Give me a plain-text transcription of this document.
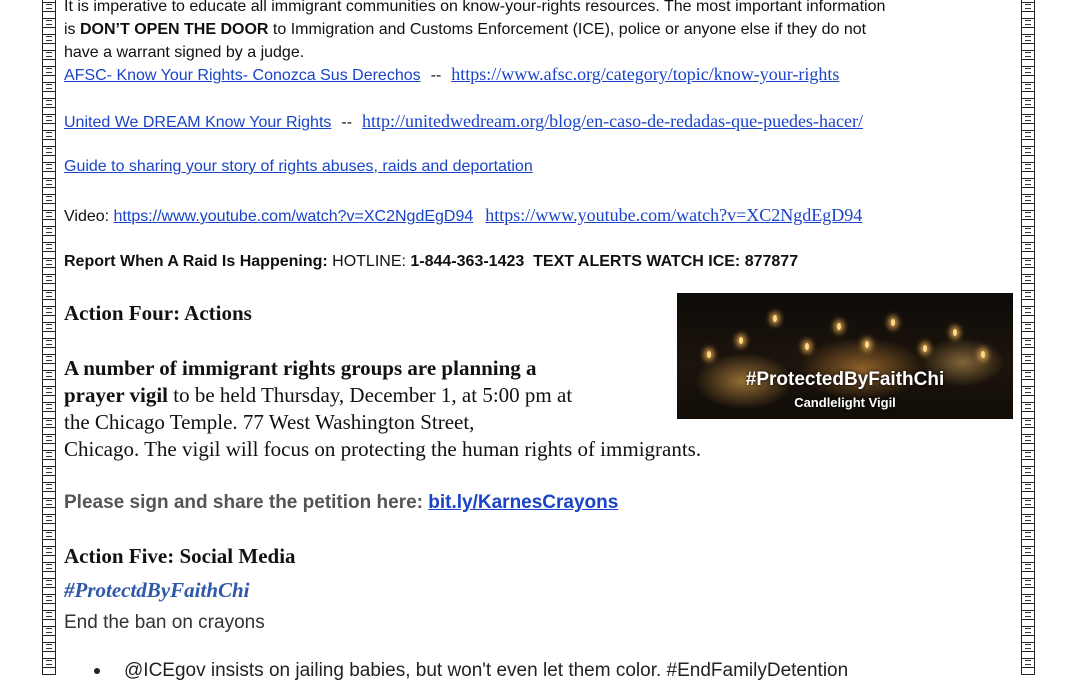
It is imperative to educate all immigrant communities on know-your-rights resources. The most important information
is DON’T OPEN THE DOOR to Immigration and Customs Enforcement (ICE), police or anyone else if they do not
have a warrant signed by a judge.
AFSC- Know Your Rights- Conozca Sus Derechos -- https://www.afsc.org/category/topic/know-your-rights
United We DREAM Know Your Rights -- http://unitedwedream.org/blog/en-caso-de-redadas-que-puedes-hacer/
Guide to sharing your story of rights abuses, raids and deportation
Video: https://www.youtube.com/watch?v=XC2NgdEgD94 https://www.youtube.com/watch?v=XC2NgdEgD94
Report When A Raid Is Happening: HOTLINE: 1-844-363-1423  TEXT ALERTS WATCH ICE: 877877
Action Four: Actions
A number of immigrant rights groups are planning a
prayer vigil to be held Thursday, December 1, at 5:00 pm at
the Chicago Temple. 77 West Washington Street,
Chicago. The vigil will focus on protecting the human rights of immigrants.
#ProtectedByFaithChi
Candlelight Vigil
Please sign and share the petition here: bit.ly/KarnesCrayons
Action Five: Social Media
#ProtectdByFaithChi
End the ban on crayons
@ICEgov insists on jailing babies, but won't even let them color. #EndFamilyDetention
